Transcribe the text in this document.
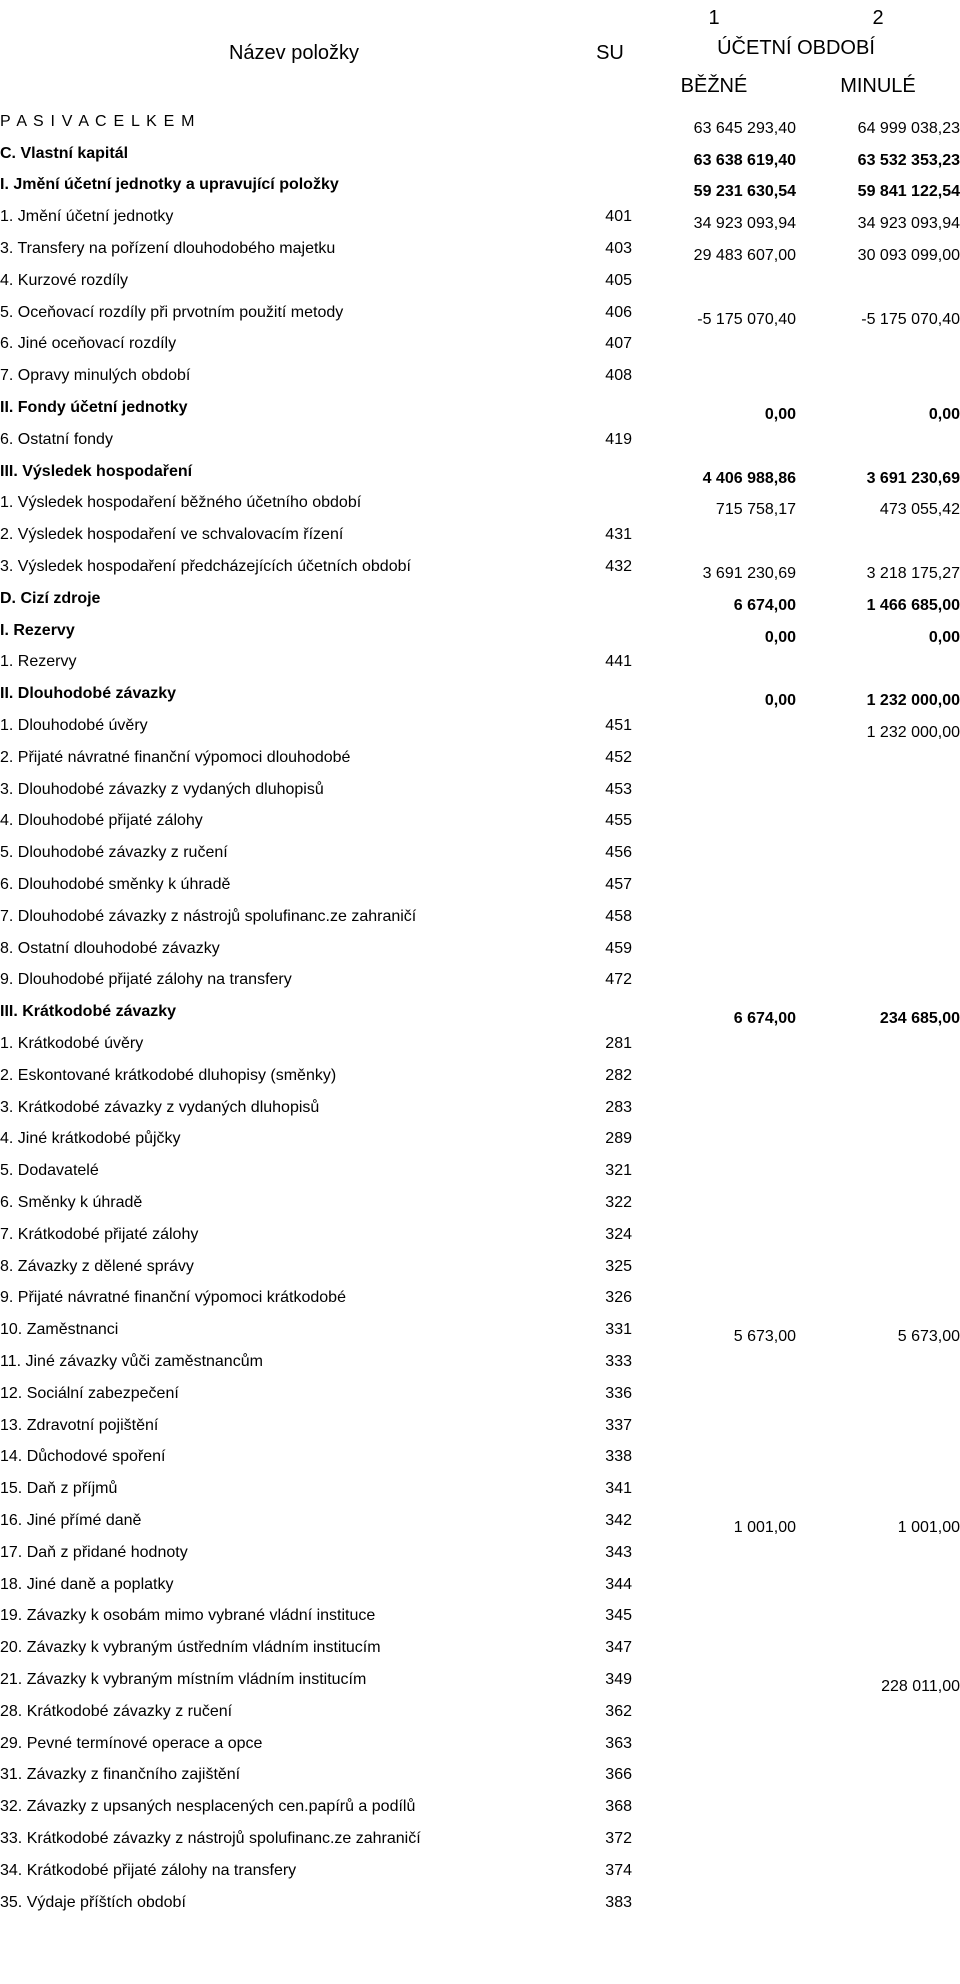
Název položky	SU	1	2
		ÚČETNÍ OBDOBÍ	
		BĚŽNÉ	MINULÉ
P A S I V A C E L K E M		63 645 293,40	64 999 038,23
C. Vlastní kapitál		63 638 619,40	63 532 353,23
I. Jmění účetní jednotky a upravující položky		59 231 630,54	59 841 122,54
1. Jmění účetní jednotky	401	34 923 093,94	34 923 093,94
3. Transfery na pořízení dlouhodobého majetku	403	29 483 607,00	30 093 099,00
4. Kurzové rozdíly	405		
5. Oceňovací rozdíly při prvotním použití metody	406	-5 175 070,40	-5 175 070,40
6. Jiné oceňovací rozdíly	407		
7. Opravy minulých období	408		
II. Fondy účetní jednotky		0,00	0,00
6. Ostatní fondy	419		
III. Výsledek hospodaření		4 406 988,86	3 691 230,69
1. Výsledek hospodaření běžného účetního období		715 758,17	473 055,42
2. Výsledek hospodaření ve schvalovacím řízení	431		
3. Výsledek hospodaření předcházejících účetních období	432	3 691 230,69	3 218 175,27
D. Cizí zdroje		6 674,00	1 466 685,00
I. Rezervy		0,00	0,00
1. Rezervy	441		
II. Dlouhodobé závazky		0,00	1 232 000,00
1. Dlouhodobé úvěry	451		1 232 000,00
2. Přijaté návratné finanční výpomoci dlouhodobé	452		
3. Dlouhodobé závazky z vydaných dluhopisů	453		
4. Dlouhodobé přijaté zálohy	455		
5. Dlouhodobé závazky z ručení	456		
6. Dlouhodobé směnky k úhradě	457		
7. Dlouhodobé závazky z nástrojů spolufinanc.ze zahraničí	458		
8. Ostatní dlouhodobé závazky	459		
9. Dlouhodobé přijaté zálohy na transfery	472		
III. Krátkodobé závazky		6 674,00	234 685,00
1. Krátkodobé úvěry	281		
2. Eskontované krátkodobé dluhopisy (směnky)	282		
3. Krátkodobé závazky z vydaných dluhopisů	283		
4. Jiné krátkodobé půjčky	289		
5. Dodavatelé	321		
6. Směnky k úhradě	322		
7. Krátkodobé přijaté zálohy	324		
8. Závazky z dělené správy	325		
9. Přijaté návratné finanční výpomoci krátkodobé	326		
10. Zaměstnanci	331	5 673,00	5 673,00
11. Jiné závazky vůči zaměstnancům	333		
12. Sociální zabezpečení	336		
13. Zdravotní pojištění	337		
14. Důchodové spoření	338		
15. Daň z příjmů	341		
16. Jiné přímé daně	342	1 001,00	1 001,00
17. Daň z přidané hodnoty	343		
18. Jiné daně a poplatky	344		
19. Závazky k osobám mimo vybrané vládní instituce	345		
20. Závazky k vybraným ústředním vládním institucím	347		
21. Závazky k vybraným místním vládním institucím	349		228 011,00
28. Krátkodobé závazky z ručení	362		
29. Pevné termínové operace a opce	363		
31. Závazky z finančního zajištění	366		
32. Závazky z upsaných nesplacených cen.papírů a podílů	368		
33. Krátkodobé závazky z nástrojů spolufinanc.ze zahraničí	372		
34. Krátkodobé přijaté zálohy na transfery	374		
35. Výdaje příštích období	383		
